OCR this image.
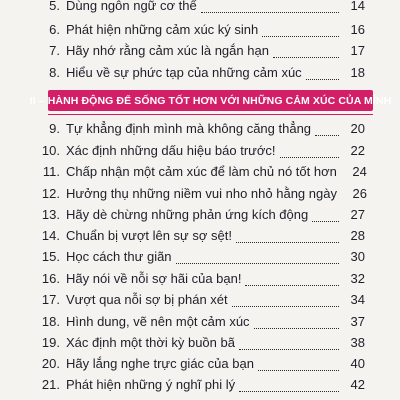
5. Dùng ngôn ngữ cơ thể	14
6. Phát hiện những cảm xúc ký sinh	16
7. Hãy nhớ rằng cảm xúc là ngắn hạn	17
8. Hiểu về sự phức tạp của những cảm xúc	18
II – HÀNH ĐỘNG ĐỂ SỐNG TỐT HƠN VỚI NHỮNG CẢM XÚC CỦA MÌNH
9. Tự khẳng định mình mà không căng thẳng	20
10. Xác định những dấu hiệu báo trước!	22
11. Chấp nhận một cảm xúc để làm chủ nó tốt hơn	24
12. Hưởng thụ những niềm vui nho nhỏ hằng ngày	26
13. Hãy dè chừng những phản ứng kích động	27
14. Chuẩn bị vượt lên sự sợ sệt!	28
15. Học cách thư giãn	30
16. Hãy nói về nỗi sợ hãi của bạn!	32
17. Vượt qua nỗi sợ bị phán xét	34
18. Hình dung, vẽ nên một cảm xúc	37
19. Xác định một thời kỳ buồn bã	38
20. Hãy lắng nghe trực giác của bạn	40
21. Phát hiện những ý nghĩ phi lý	42
